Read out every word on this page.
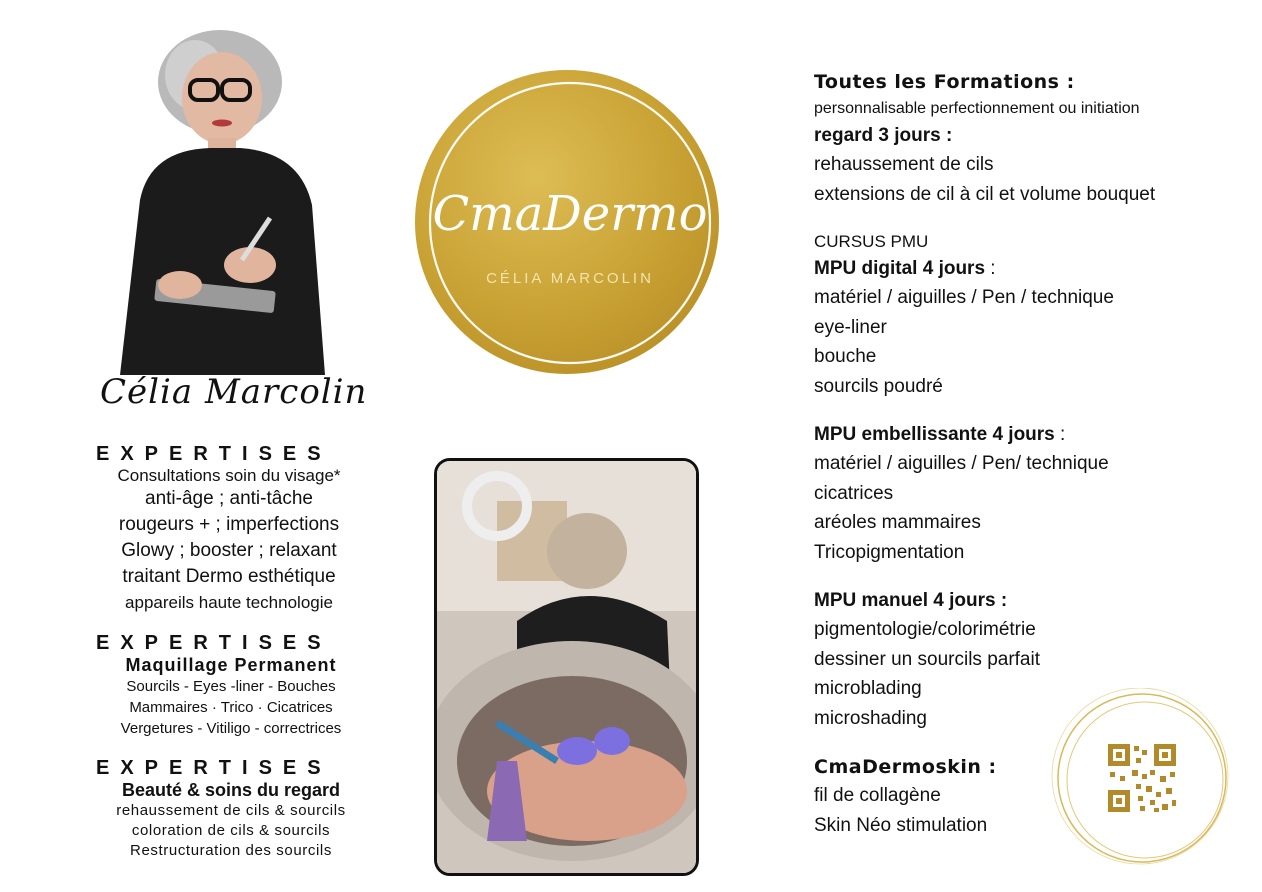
Célia Marcolin
EXPERTISES
Consultations soin du visage*
anti-âge ; anti-tâche
rougeurs + ; imperfections
Glowy ; booster ; relaxant
traitant Dermo esthétique
appareils haute technologie
EXPERTISES
Maquillage Permanent
Sourcils - Eyes -liner - Bouches
Mammaires · Trico · Cicatrices
Vergetures - Vitiligo - correctrices
EXPERTISES
Beauté & soins du regard
rehaussement de cils & sourcils
coloration de cils & sourcils
Restructuration des sourcils
CmaDermo
CÉLIA MARCOLIN
Toutes les Formations :
personnalisable perfectionnement ou initiation
regard 3 jours :
rehaussement de cils
extensions de cil à cil et volume bouquet
CURSUS PMU
MPU digital 4 jours :
matériel / aiguilles / Pen / technique
eye-liner
bouche
sourcils poudré
MPU embellissante 4 jours :
matériel / aiguilles / Pen/ technique
cicatrices
aréoles mammaires
Tricopigmentation
MPU manuel 4 jours :
pigmentologie/colorimétrie
dessiner un sourcils parfait
microblading
microshading
CmaDermoskin :
fil de collagène
Skin Néo stimulation
